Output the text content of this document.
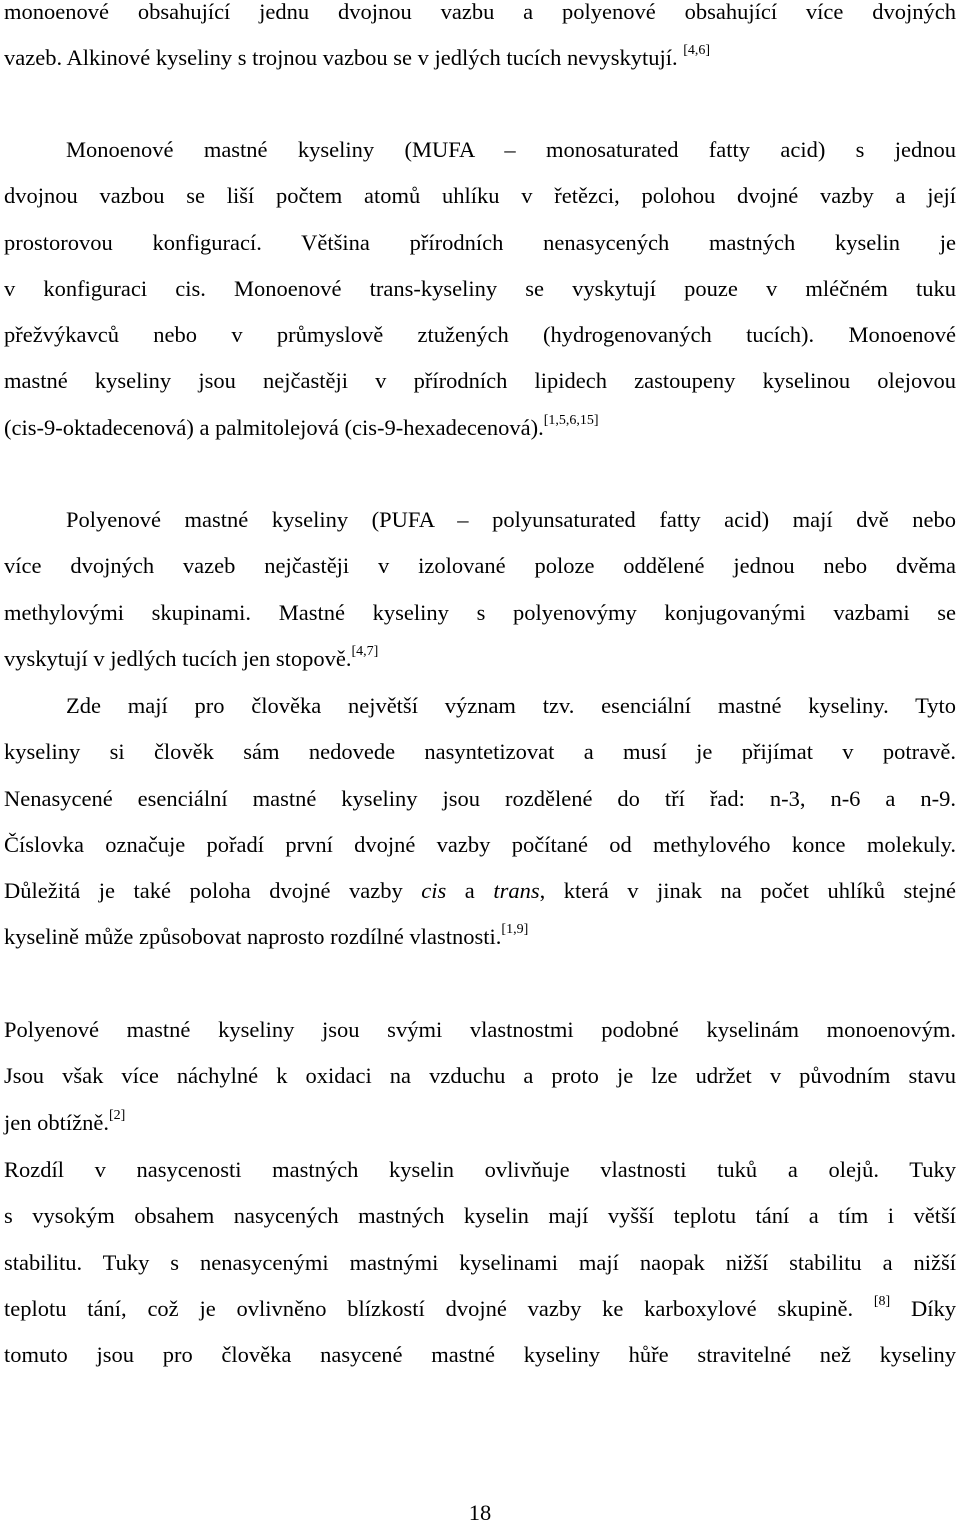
monoenové obsahující jednu dvojnou vazbu a polyenové obsahující více dvojných
vazeb. Alkinové kyseliny s trojnou vazbou se v jedlých tucích nevyskytují. [4,6]

Monoenové mastné kyseliny (MUFA – monosaturated fatty acid) s jednou
dvojnou vazbou se liší počtem atomů uhlíku v řetězci, polohou dvojné vazby a její
prostorovou konfigurací. Většina přírodních nenasycených mastných kyselin je
v konfiguraci cis. Monoenové trans-kyseliny se vyskytují pouze v mléčném tuku
přežvýkavců nebo v průmyslově ztužených (hydrogenovaných tucích). Monoenové
mastné kyseliny jsou nejčastěji v přírodních lipidech zastoupeny kyselinou olejovou
(cis-9-oktadecenová) a palmitolejová (cis-9-hexadecenová).[1,5,6,15]

Polyenové mastné kyseliny (PUFA – polyunsaturated fatty acid) mají dvě nebo
více dvojných vazeb nejčastěji v izolované poloze oddělené jednou nebo dvěma
methylovými skupinami. Mastné kyseliny s polyenovýmy konjugovanými vazbami se
vyskytují v jedlých tucích jen stopově.[4,7]

Zde mají pro člověka největší význam tzv. esenciální mastné kyseliny. Tyto
kyseliny si člověk sám nedovede nasyntetizovat a musí je přijímat v potravě.
Nenasycené esenciální mastné kyseliny jsou rozdělené do tří řad: n-3, n-6 a n-9.
Číslovka označuje pořadí první dvojné vazby počítané od methylového konce molekuly.
Důležitá je také poloha dvojné vazby cis a trans, která v jinak na počet uhlíků stejné
kyselině může způsobovat naprosto rozdílné vlastnosti.[1,9]

Polyenové mastné kyseliny jsou svými vlastnostmi podobné kyselinám monoenovým.
Jsou však více náchylné k oxidaci na vzduchu a proto je lze udržet v původním stavu
jen obtížně.[2]

Rozdíl v nasycenosti mastných kyselin ovlivňuje vlastnosti tuků a olejů. Tuky
s vysokým obsahem nasycených mastných kyselin mají vyšší teplotu tání a tím i větší
stabilitu. Tuky s nenasycenými mastnými kyselinami mají naopak nižší stabilitu a nižší
teplotu tání, což je ovlivněno blízkostí dvojné vazby ke karboxylové skupině. [8] Díky
tomuto jsou pro člověka nasycené mastné kyseliny hůře stravitelné než kyseliny

18
